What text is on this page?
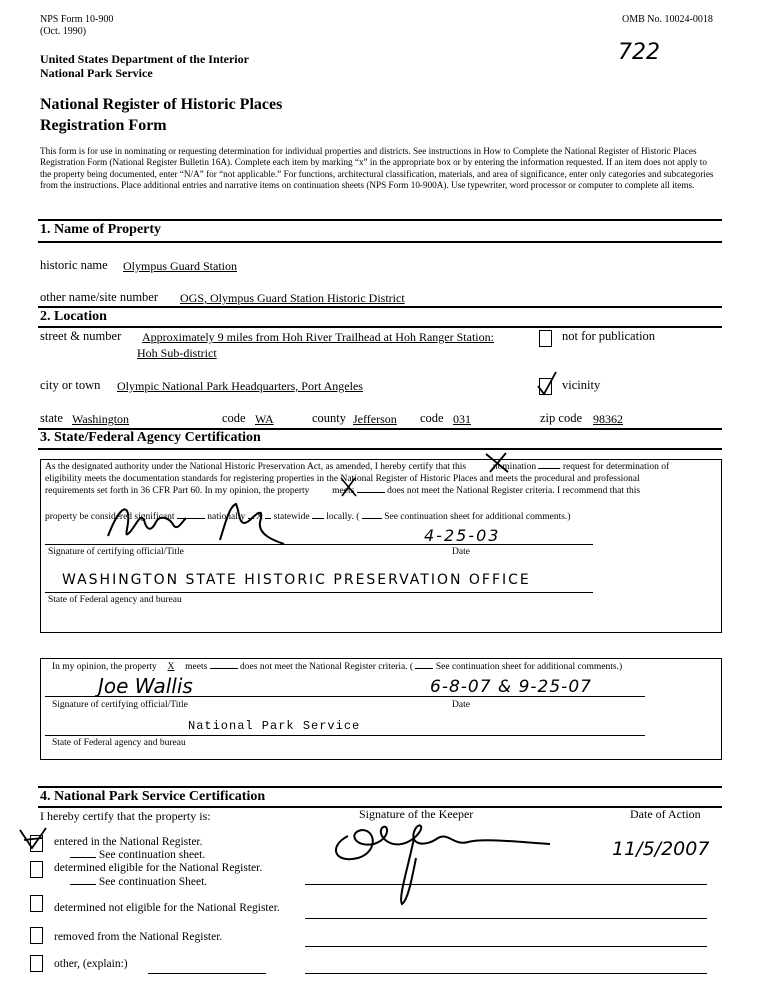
NPS Form 10-900
(Oct. 1990)
OMB No. 10024-0018
722
United States Department of the Interior
National Park Service
National Register of Historic Places
Registration Form
This form is for use in nominating or requesting determination for individual properties and districts. See instructions in How to Complete the National Register of Historic Places Registration Form (National Register Bulletin 16A). Complete each item by marking “x” in the appropriate box or by entering the information requested. If an item does not apply to the property being documented, enter “N/A” for “not applicable.” For functions, architectural classification, materials, and area of significance, enter only categories and subcategories from the instructions. Place additional entries and narrative items on continuation sheets (NPS Form 10-900A). Use typewriter, word processor or computer to complete all items.
1. Name of Property
historic name Olympus Guard Station
other name/site number OGS, Olympus Guard Station Historic District
2. Location
street & number Approximately 9 miles from Hoh River Trailhead at Hoh Ranger Station:
Hoh Sub-district
not for publication
city or town Olympic National Park Headquarters, Port Angeles	vicinity
state Washington	code WA	county Jefferson code 031	zip code 98362
3. State/Federal Agency Certification
As the designated authority under the National Historic Preservation Act, as amended, I hereby certify that this	nomination	request for determination of
eligibility meets the documentation standards for registering properties in the National Register of Historic Places and meets the procedural and professional
requirements set forth in 36 CFR Part 60. In my opinion, the property meets	does not meet the National Register criteria. I recommend that this
property be considered significant	nationally X statewide locally. (	See continuation sheet for additional comments.)
4-25-03
Signature of certifying official/Title	Date
WASHINGTON STATE HISTORIC PRESERVATION OFFICE
State of Federal agency and bureau
In my opinion, the property X meets	does not meet the National Register criteria. ( See continuation sheet for additional comments.)
Joe Wallis	6-8-07 & 9-25-07
Signature of certifying official/Title	Date
National Park Service
State of Federal agency and bureau
4. National Park Service Certification
I hereby certify that the property is:	Signature of the Keeper	Date of Action
11/5/2007
entered in the National Register.
See continuation sheet.
determined eligible for the National Register.
See continuation Sheet.
determined not eligible for the National Register.
removed from the National Register.
other, (explain:)
